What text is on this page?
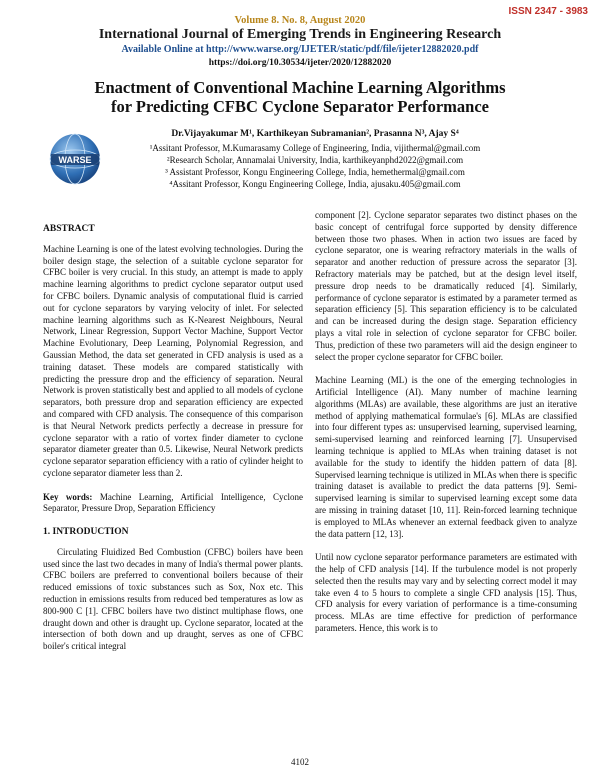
ISSN 2347 - 3983
Volume 8. No. 8, August 2020
International Journal of Emerging Trends in Engineering Research
Available Online at http://www.warse.org/IJETER/static/pdf/file/ijeter12882020.pdf
https://doi.org/10.30534/ijeter/2020/12882020
Enactment of Conventional Machine Learning Algorithms
for Predicting CFBC Cyclone Separator Performance
WARSE
Dr.Vijayakumar M¹, Karthikeyan Subramanian², Prasanna N³, Ajay S⁴
¹Assitant Professor, M.Kumarasamy College of Engineering, India, vijithermal@gmail.com
²Research Scholar, Annamalai University, India, karthikeyanphd2022@gmail.com
³ Assistant Professor, Kongu Engineering College, India, hemethermal@gmail.com
⁴Assitant Professor, Kongu Engineering College, India, ajusaku.405@gmail.com
ABSTRACT

Machine Learning is one of the latest evolving technologies. During the boiler design stage, the selection of a suitable cyclone separator for CFBC boiler is very crucial. In this study, an attempt is made to apply machine learning algorithms to predict cyclone separator output used for CFBC boilers. Dynamic analysis of computational fluid is carried out for cyclone separators by varying velocity of inlet. For selected machine learning algorithms such as K-Nearest Neighbours, Neural Network, Linear Regression, Support Vector Machine, Support Vector Machine Evolutionary, Deep Learning, Polynomial Regression, and Gaussian Method, the data set generated in CFD analysis is used as a training dataset. These models are compared statistically with predicting the pressure drop and the efficiency of separation. Neural Network is proven statistically best and applied to all models of cyclone separators, both pressure drop and separation efficiency are expected and compared with CFD analysis. The consequence of this comparison is that Neural Network predicts perfectly a decrease in pressure for cyclone separator with a ratio of vortex finder diameter to cyclone separator diameter greater than 0.5. Likewise, Neural Network predicts cyclone separator separation efficiency with a ratio of cylinder height to cyclone separator diameter less than 2.

Key words: Machine Learning, Artificial Intelligence, Cyclone Separator, Pressure Drop, Separation Efficiency

1. INTRODUCTION

Circulating Fluidized Bed Combustion (CFBC) boilers have been used since the last two decades in many of India's thermal power plants. CFBC boilers are preferred to conventional boilers because of their reduced emissions of toxic substances such as Sox, Nox etc. This reduction in emissions results from reduced bed temperatures as low as 800-900 C [1]. CFBC boilers have two distinct multiphase flows, one draught down and other is draught up. Cyclone separator, located at the intersection of both down and up draught, serves as one of CFBC boiler's critical integral

component [2]. Cyclone separator separates two distinct phases on the basic concept of centrifugal force supported by density difference between those two phases. When in action two issues are faced by cyclone separator, one is wearing refractory materials in the walls of separator and another reduction of pressure across the separator [3]. Refractory materials may be patched, but at the design level itself, pressure drop needs to be dramatically reduced [4]. Similarly, performance of cyclone separator is estimated by a parameter termed as separation efficiency [5]. This separation efficiency is to be calculated and can be increased during the design stage. Separation efficiency plays a vital role in selection of cyclone separator for CFBC boiler. Thus, prediction of these two parameters will aid the design engineer to select the proper cyclone separator for CFBC boiler.

Machine Learning (ML) is the one of the emerging technologies in Artificial Intelligence (AI). Many number of machine learning algorithms (MLAs) are available, these algorithms are just an iterative method of applying mathematical formulae's [6]. MLAs are classified into four different types as: unsupervised learning, supervised learning, semi-supervised learning and reinforced learning [7]. Unsupervised learning technique is applied to MLAs when training dataset is not available for the study to identify the hidden pattern of data [8]. Supervised learning technique is utilized in MLAs when there is specific training dataset is available to predict the data patterns [9]. Semi-supervised learning is similar to supervised learning except some data are missing in training dataset [10, 11]. Rein-forced learning technique is employed to MLAs whenever an external feedback given to analyze the data pattern [12, 13].

Until now cyclone separator performance parameters are estimated with the help of CFD analysis [14]. If the turbulence model is not properly selected then the results may vary and by selecting correct model it may take even 4 to 5 hours to complete a single CFD analysis [15]. Thus, CFD analysis for every variation of performance is a time-consuming process. MLAs are time effective for prediction of performance parameters. Hence, this work is to

4102
